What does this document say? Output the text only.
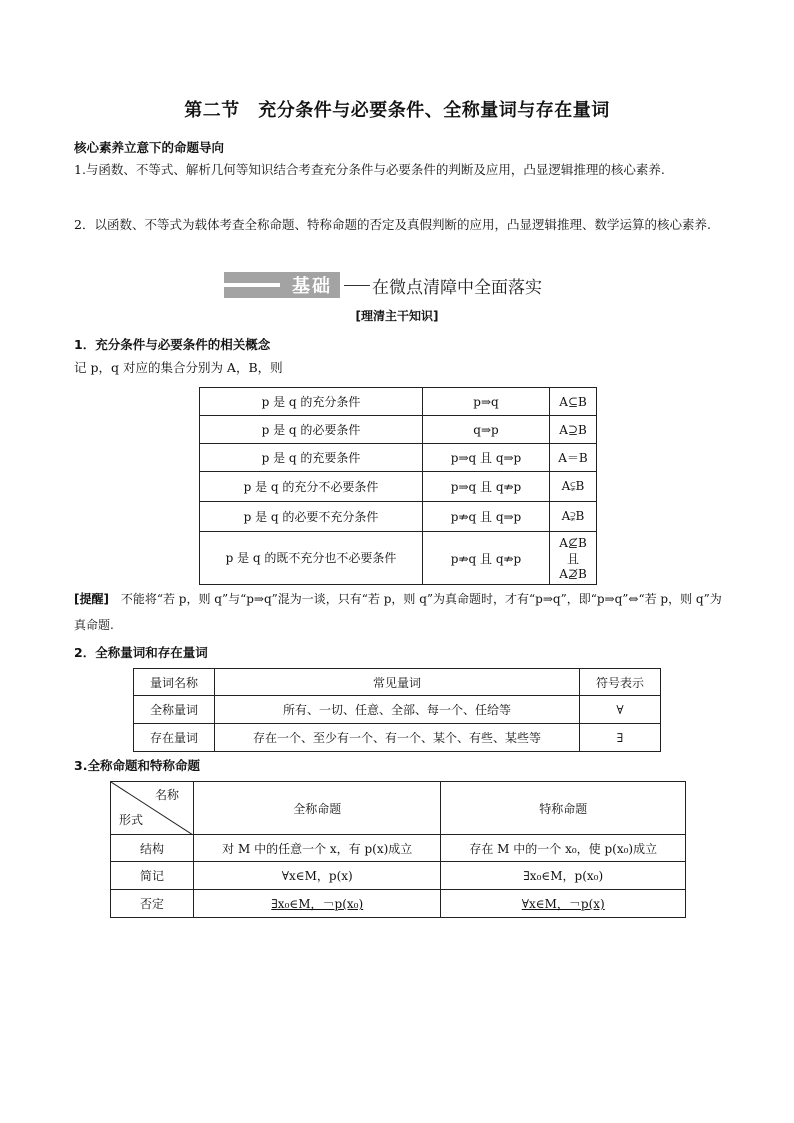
第二节　充分条件与必要条件、全称量词与存在量词
核心素养立意下的命题导向
1.与函数、不等式、解析几何等知识结合考查充分条件与必要条件的判断及应用，凸显逻辑推理的核心素养.
2．以函数、不等式为载体考查全称命题、特称命题的否定及真假判断的应用，凸显逻辑推理、数学运算的核心素养.
基础	在微点清障中全面落实
[理清主干知识]
1．充分条件与必要条件的相关概念
记 p，q 对应的集合分别为 A，B，则
p 是 q 的充分条件	p⇒q	A⊆B
p 是 q 的必要条件	q⇒p	A⊇B
p 是 q 的充要条件	p⇒q 且 q⇒p	A＝B
p 是 q 的充分不必要条件	p⇒q 且 q⇏p	A⫋B
p 是 q 的必要不充分条件	p⇏q 且 q⇒p	A⫌B
p 是 q 的既不充分也不必要条件	p⇏q 且 q⇏p	A⊈B 且 A⊉B
[提醒] 不能将“若 p，则 q”与“p⇒q”混为一谈，只有“若 p，则 q”为真命题时，才有“p⇒q”，即“p⇒q”⇔“若 p，则 q”为真命题.
2．全称量词和存在量词
量词名称	常见量词	符号表示
全称量词	所有、一切、任意、全部、每一个、任给等	∀
存在量词	存在一个、至少有一个、有一个、某个、有些、某些等	∃
3.全称命题和特称命题
名称
形式	全称命题	特称命题
结构	对 M 中的任意一个 x，有 p(x)成立	存在 M 中的一个 x₀，使 p(x₀)成立
简记	∀x∈M，p(x)	∃x₀∈M，p(x₀)
否定	∃x₀∈M，￢p(x₀)	∀x∈M，￢p(x)
